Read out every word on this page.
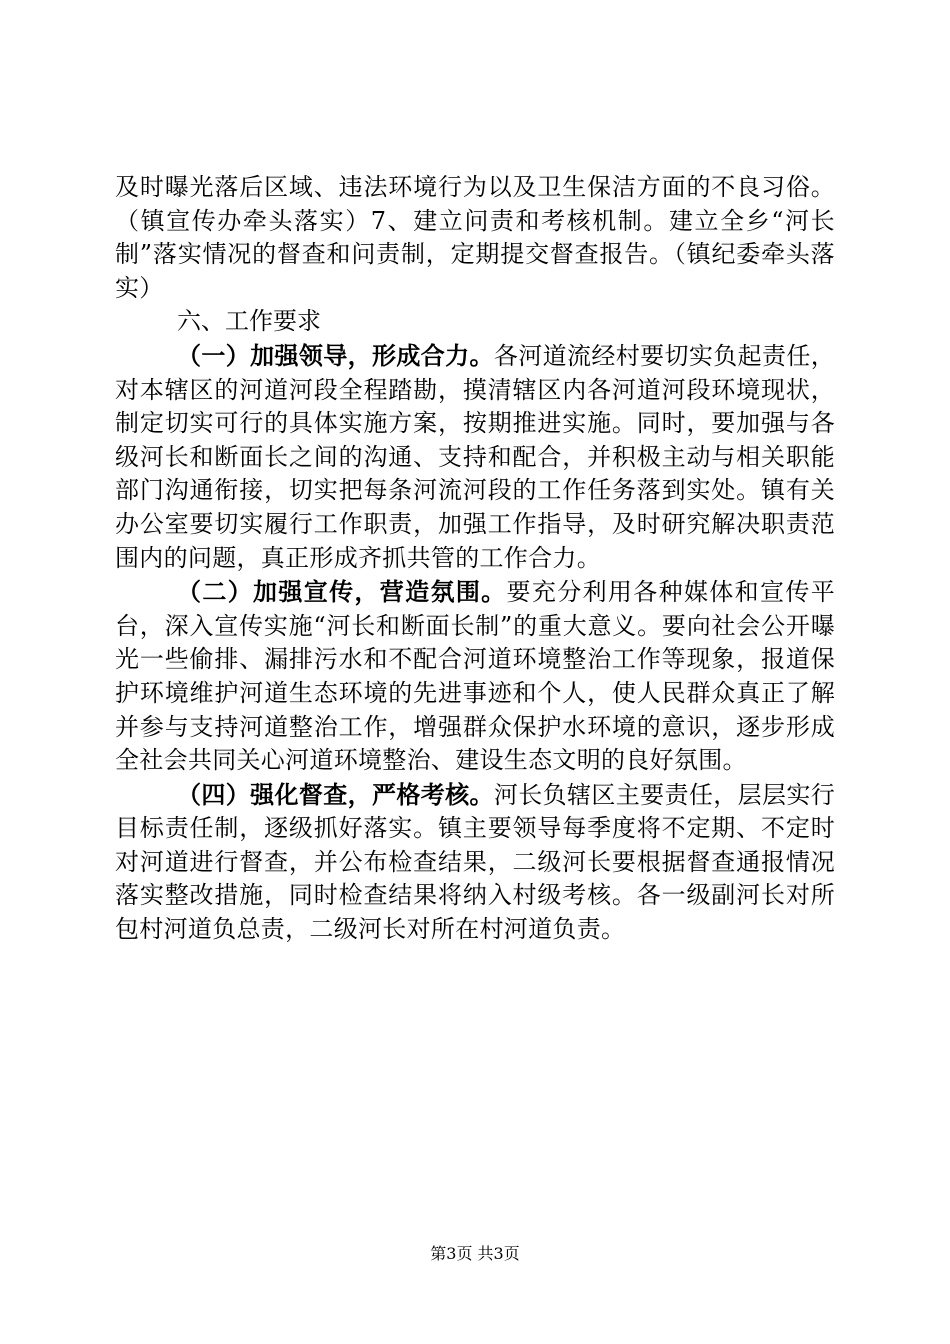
及时曝光落后区域、违法环境行为以及卫生保洁方面的不良习俗。（镇宣传办牵头落实）7、建立问责和考核机制。建立全乡“河长制”落实情况的督查和问责制，定期提交督查报告。（镇纪委牵头落实）

六、工作要求

（一）加强领导，形成合力。各河道流经村要切实负起责任，对本辖区的河道河段全程踏勘，摸清辖区内各河道河段环境现状，制定切实可行的具体实施方案，按期推进实施。同时，要加强与各级河长和断面长之间的沟通、支持和配合，并积极主动与相关职能部门沟通衔接，切实把每条河流河段的工作任务落到实处。镇有关办公室要切实履行工作职责，加强工作指导，及时研究解决职责范围内的问题，真正形成齐抓共管的工作合力。

（二）加强宣传，营造氛围。要充分利用各种媒体和宣传平台，深入宣传实施“河长和断面长制”的重大意义。要向社会公开曝光一些偷排、漏排污水和不配合河道环境整治工作等现象，报道保护环境维护河道生态环境的先进事迹和个人，使人民群众真正了解并参与支持河道整治工作，增强群众保护水环境的意识，逐步形成全社会共同关心河道环境整治、建设生态文明的良好氛围。

（四）强化督查，严格考核。河长负辖区主要责任，层层实行目标责任制，逐级抓好落实。镇主要领导每季度将不定期、不定时对河道进行督查，并公布检查结果，二级河长要根据督查通报情况落实整改措施，同时检查结果将纳入村级考核。各一级副河长对所包村河道负总责，二级河长对所在村河道负责。

第3页 共3页
